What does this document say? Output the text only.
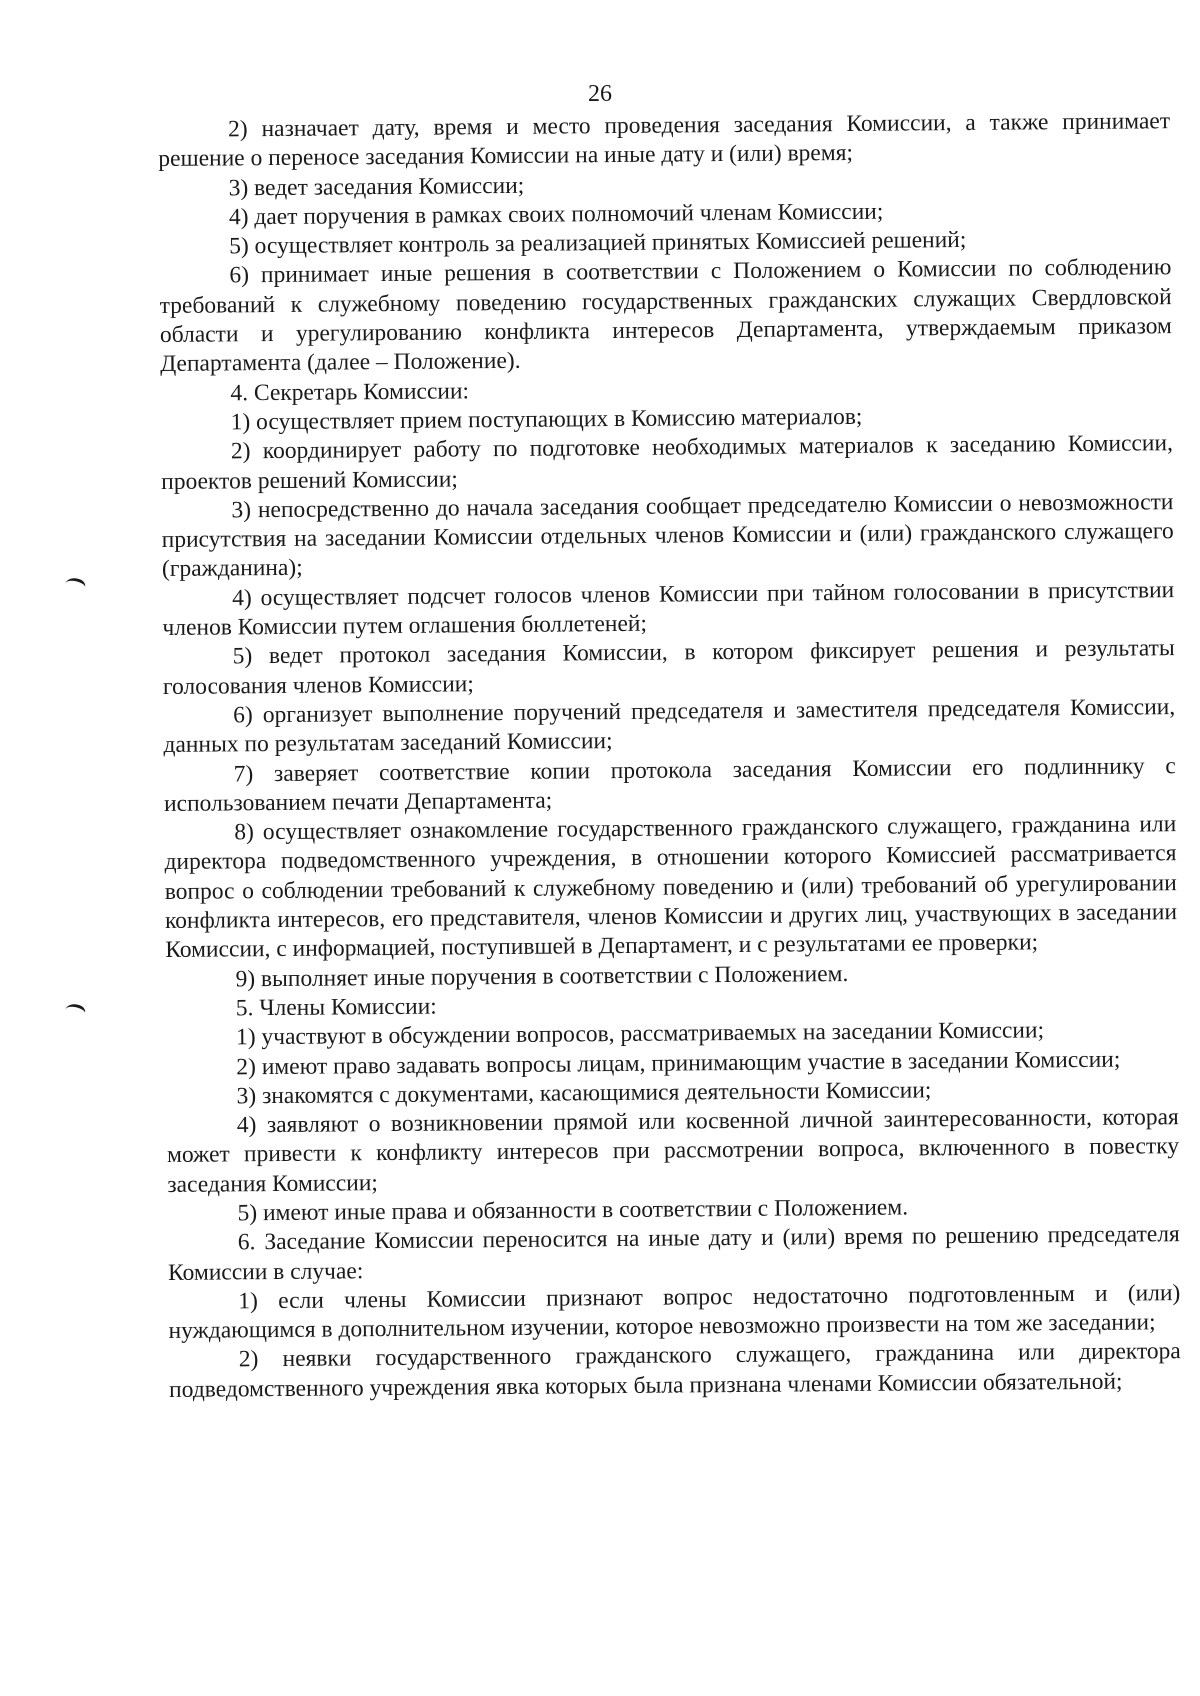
26

2) назначает дату, время и место проведения заседания Комиссии, а также принимает решение о переносе заседания Комиссии на иные дату и (или) время;

3) ведет заседания Комиссии;

4) дает поручения в рамках своих полномочий членам Комиссии;

5) осуществляет контроль за реализацией принятых Комиссией решений;

6) принимает иные решения в соответствии с Положением о Комиссии по соблюдению требований к служебному поведению государственных гражданских служащих Свердловской области и урегулированию конфликта интересов Департамента, утверждаемым приказом Департамента (далее – Положение).

4. Секретарь Комиссии:

1) осуществляет прием поступающих в Комиссию материалов;

2) координирует работу по подготовке необходимых материалов к заседанию Комиссии, проектов решений Комиссии;

3) непосредственно до начала заседания сообщает председателю Комиссии о невозможности присутствия на заседании Комиссии отдельных членов Комиссии и (или) гражданского служащего (гражданина);

4) осуществляет подсчет голосов членов Комиссии при тайном голосовании в присутствии членов Комиссии путем оглашения бюллетеней;

5) ведет протокол заседания Комиссии, в котором фиксирует решения и результаты голосования членов Комиссии;

6) организует выполнение поручений председателя и заместителя председателя Комиссии, данных по результатам заседаний Комиссии;

7) заверяет соответствие копии протокола заседания Комиссии его подлиннику с использованием печати Департамента;

8) осуществляет ознакомление государственного гражданского служащего, гражданина или директора подведомственного учреждения, в отношении которого Комиссией рассматривается вопрос о соблюдении требований к служебному поведению и (или) требований об урегулировании конфликта интересов, его представителя, членов Комиссии и других лиц, участвующих в заседании Комиссии, с информацией, поступившей в Департамент, и с результатами ее проверки;

9) выполняет иные поручения в соответствии с Положением.

5. Члены Комиссии:

1) участвуют в обсуждении вопросов, рассматриваемых на заседании Комиссии;

2) имеют право задавать вопросы лицам, принимающим участие в заседании Комиссии;

3) знакомятся с документами, касающимися деятельности Комиссии;

4) заявляют о возникновении прямой или косвенной личной заинтересованности, которая может привести к конфликту интересов при рассмотрении вопроса, включенного в повестку заседания Комиссии;

5) имеют иные права и обязанности в соответствии с Положением.

6. Заседание Комиссии переносится на иные дату и (или) время по решению председателя Комиссии в случае:

1) если члены Комиссии признают вопрос недостаточно подготовленным и (или) нуждающимся в дополнительном изучении, которое невозможно произвести на том же заседании;

2) неявки государственного гражданского служащего, гражданина или директора подведомственного учреждения явка которых была признана членами Комиссии обязательной;
